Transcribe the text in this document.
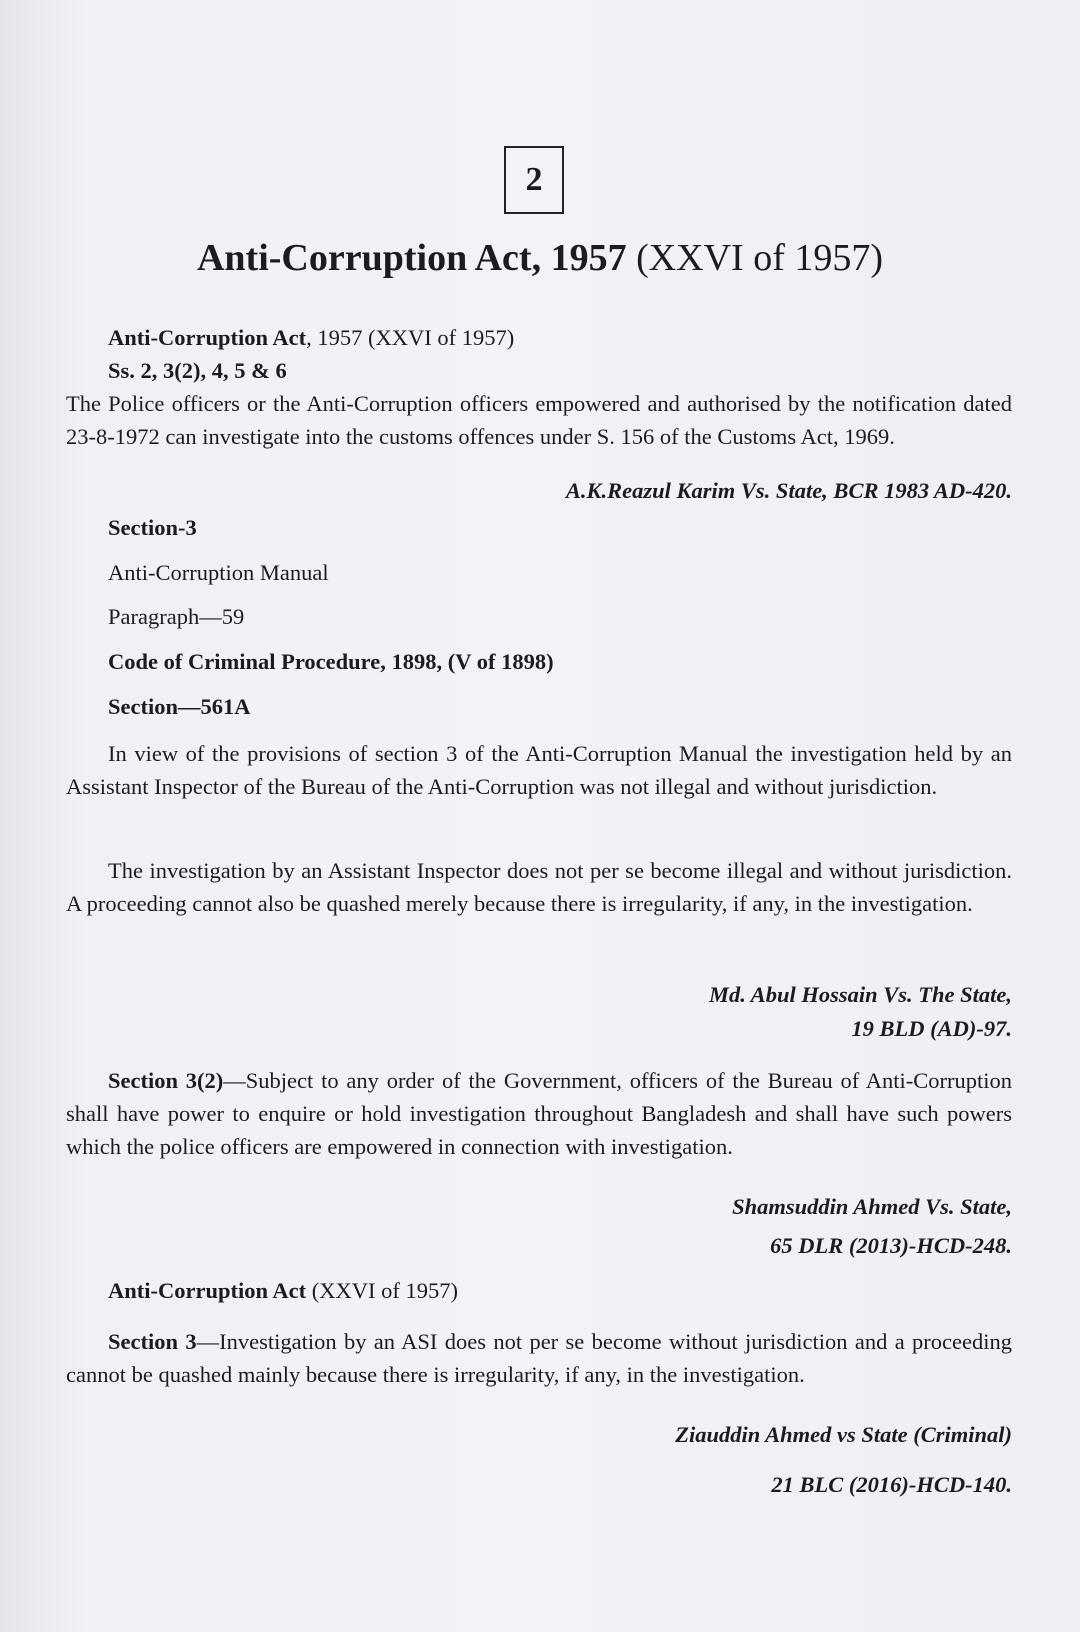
2
Anti-Corruption Act, 1957 (XXVI of 1957)
Anti-Corruption Act, 1957 (XXVI of 1957)
Ss. 2, 3(2), 4, 5 & 6
The Police officers or the Anti-Corruption officers empowered and authorised by the notification dated 23-8-1972 can investigate into the customs offences under S. 156 of the Customs Act, 1969.
A.K.Reazul Karim Vs. State, BCR 1983 AD-420.
Section-3
Anti-Corruption Manual
Paragraph—59
Code of Criminal Procedure, 1898, (V of 1898)
Section—561A
In view of the provisions of section 3 of the Anti-Corruption Manual the investigation held by an Assistant Inspector of the Bureau of the Anti-Corruption was not illegal and without jurisdiction.
The investigation by an Assistant Inspector does not per se become illegal and without jurisdiction. A proceeding cannot also be quashed merely because there is irregularity, if any, in the investigation.
Md. Abul Hossain Vs. The State,
19 BLD (AD)-97.
Section 3(2)—Subject to any order of the Government, officers of the Bureau of Anti-Corruption shall have power to enquire or hold investigation throughout Bangladesh and shall have such powers which the police officers are empowered in connection with investigation.
Shamsuddin Ahmed Vs. State,
65 DLR (2013)-HCD-248.
Anti-Corruption Act (XXVI of 1957)
Section 3—Investigation by an ASI does not per se become without jurisdiction and a proceeding cannot be quashed mainly because there is irregularity, if any, in the investigation.
Ziauddin Ahmed vs State (Criminal)
21 BLC (2016)-HCD-140.
